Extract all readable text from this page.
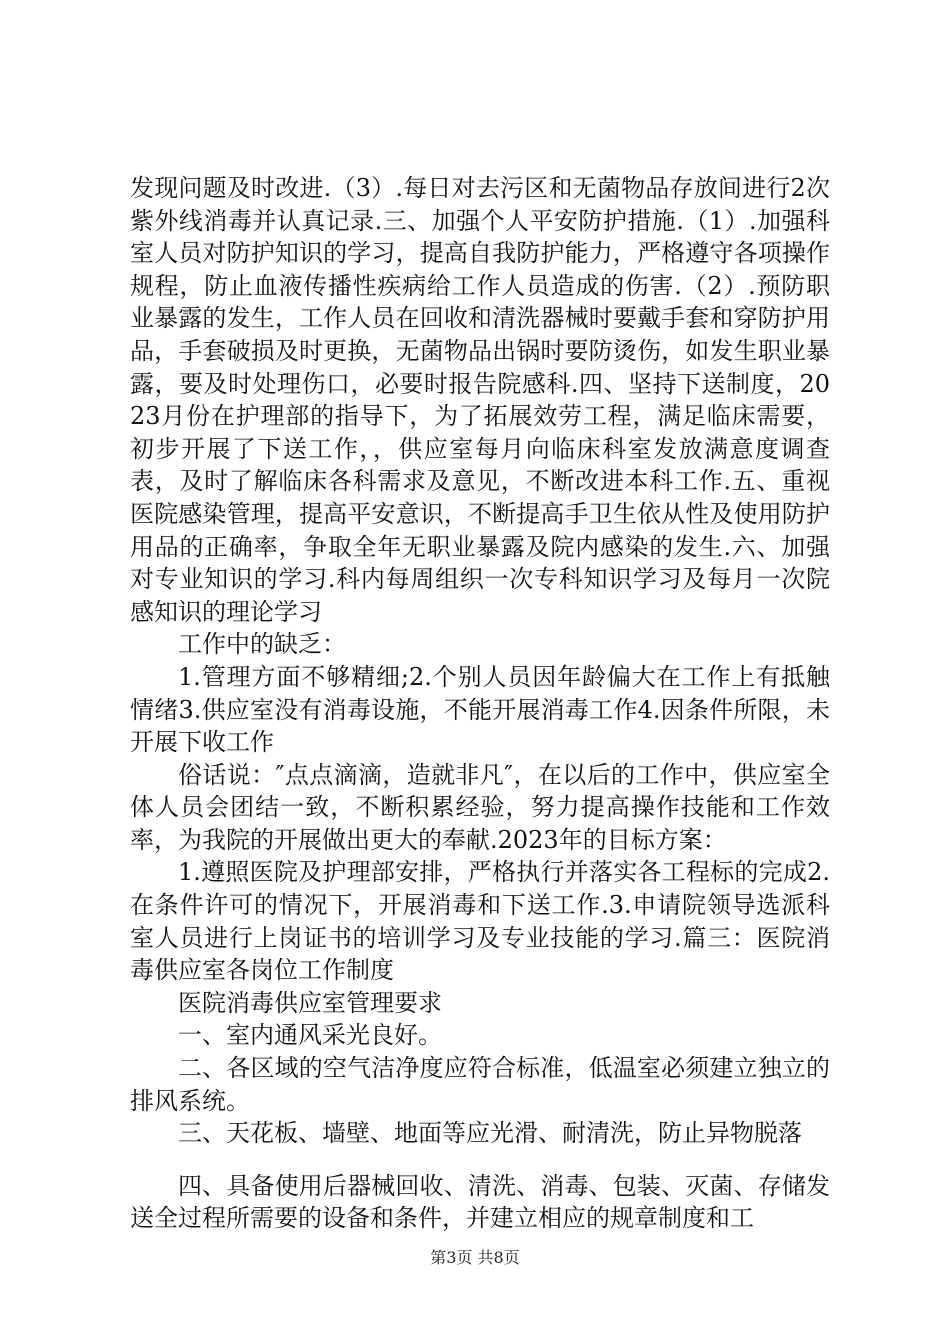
发现问题及时改进.（3）.每日对去污区和无菌物品存放间进行2次紫外线消毒并认真记录.三、加强个人平安防护措施.（1）.加强科室人员对防护知识的学习，提高自我防护能力，严格遵守各项操作规程，防止血液传播性疾病给工作人员造成的伤害.（2）.预防职业暴露的发生，工作人员在回收和清洗器械时要戴手套和穿防护用品，手套破损及时更换，无菌物品出锅时要防烫伤，如发生职业暴露，要及时处理伤口，必要时报告院感科.四、坚持下送制度，2023月份在护理部的指导下，为了拓展效劳工程，满足临床需要，初步开展了下送工作，，供应室每月向临床科室发放满意度调查表，及时了解临床各科需求及意见，不断改进本科工作.五、重视医院感染管理，提高平安意识，不断提高手卫生依从性及使用防护用品的正确率，争取全年无职业暴露及院内感染的发生.六、加强对专业知识的学习.科内每周组织一次专科知识学习及每月一次院感知识的理论学习

工作中的缺乏：

1.管理方面不够精细;2.个别人员因年龄偏大在工作上有抵触情绪3.供应室没有消毒设施，不能开展消毒工作4.因条件所限，未开展下收工作

俗话说：″点点滴滴，造就非凡″，在以后的工作中，供应室全体人员会团结一致，不断积累经验，努力提高操作技能和工作效率，为我院的开展做出更大的奉献.2023年的目标方案：

1.遵照医院及护理部安排，严格执行并落实各工程标的完成2.在条件许可的情况下，开展消毒和下送工作.3.申请院领导选派科室人员进行上岗证书的培训学习及专业技能的学习.篇三：医院消毒供应室各岗位工作制度

医院消毒供应室管理要求

一、室内通风采光良好。

二、各区域的空气洁净度应符合标准，低温室必须建立独立的排风系统。

三、天花板、墙壁、地面等应光滑、耐清洗，防止异物脱落

四、具备使用后器械回收、清洗、消毒、包装、灭菌、存储发送全过程所需要的设备和条件，并建立相应的规章制度和工

第3页 共8页
